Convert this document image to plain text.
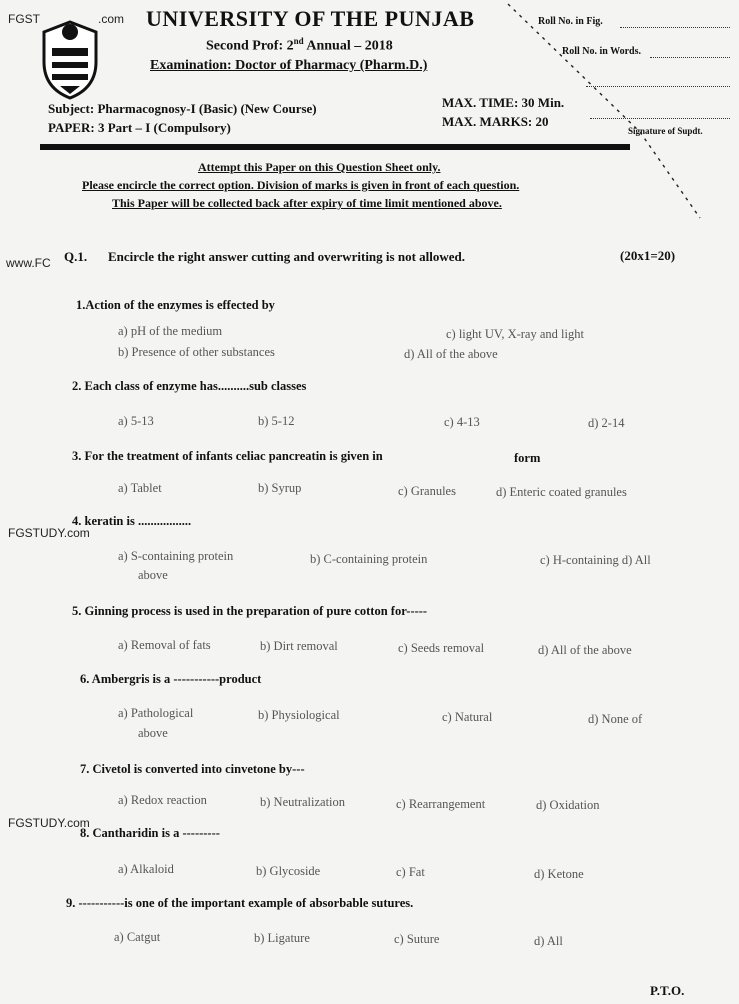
FGST	.com
www.FC
FGSTUDY.com
FGSTUDY.com
UNIVERSITY OF THE PUNJAB
Second Prof: 2nd Annual – 2018
Examination: Doctor of Pharmacy (Pharm.D.)
Roll No. in Fig.
Roll No. in Words.
Signature of Supdt.
Subject: Pharmacognosy-I (Basic) (New Course)
PAPER: 3 Part – I (Compulsory)
MAX. TIME: 30 Min.
MAX. MARKS: 20
Attempt this Paper on this Question Sheet only.
Please encircle the correct option. Division of marks is given in front of each question.
This Paper will be collected back after expiry of time limit mentioned above.
Q.1. Encircle the right answer cutting and overwriting is not allowed.	(20x1=20)
1.Action of the enzymes is effected by
a) pH of the medium	c) light UV, X-ray and light
b) Presence of other substances	d) All of the above
2. Each class of enzyme has..........sub classes
a) 5-13	b) 5-12	c) 4-13	d) 2-14
3. For the treatment of infants celiac pancreatin is given in	form
a) Tablet	b) Syrup	c) Granules	d) Enteric coated granules
4. keratin is .................
a) S-containing protein
above
b) C-containing protein	c) H-containing d) All
5. Ginning process is used in the preparation of pure cotton for-----
a) Removal of fats	b) Dirt removal	c) Seeds removal	d) All of the above
6. Ambergris is a -----------product
a) Pathological
above
b) Physiological	c) Natural	d) None of
7. Civetol is converted into cinvetone by---
a) Redox reaction	b) Neutralization	c) Rearrangement	d) Oxidation
8. Cantharidin is a ---------
a) Alkaloid	b) Glycoside	c) Fat	d) Ketone
9. -----------is one of the important example of absorbable sutures.
a) Catgut	b) Ligature	c) Suture	d) All
P.T.O.
